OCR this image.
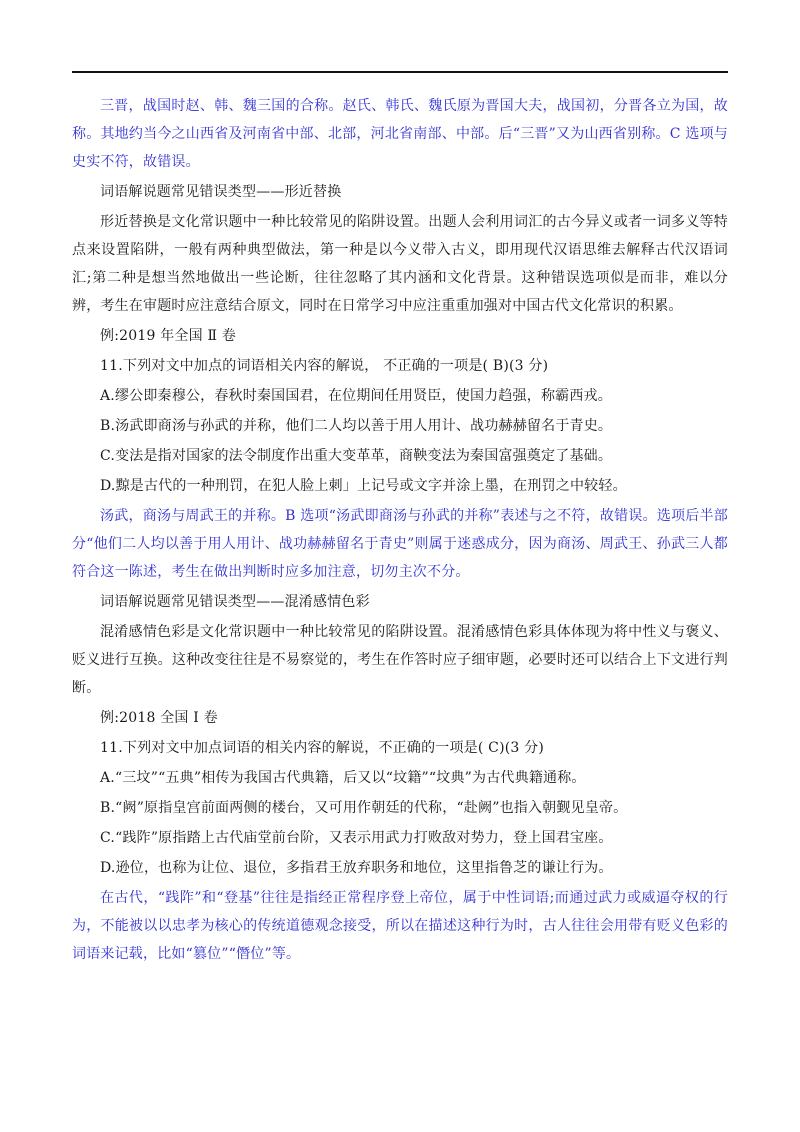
三晋，战国时赵、韩、魏三国的合称。赵氏、韩氏、魏氏原为晋国大夫，战国初，分晋各立为国，故称。其地约当今之山西省及河南省中部、北部，河北省南部、中部。后“三晋”又为山西省别称。C 选项与史实不符，故错误。

词语解说题常见错误类型——形近替换

形近替换是文化常识题中一种比较常见的陷阱设置。出题人会利用词汇的古今异义或者一词多义等特点来设置陷阱，一般有两种典型做法，第一种是以今义带入古义，即用现代汉语思维去解释古代汉语词汇;第二种是想当然地做出一些论断，往往忽略了其内涵和文化背景。这种错误选项似是而非，难以分辨，考生在审题时应注意结合原文，同时在日常学习中应注重重加强对中国古代文化常识的积累。

例:2019 年全国 Ⅱ 卷

11.下列对文中加点的词语相关内容的解说， 不正确的一项是( B)(3 分)

A.缪公即秦穆公，春秋时秦国国君，在位期间任用贤臣，使国力趋强，称霸西戎。

B.汤武即商汤与孙武的并称，他们二人均以善于用人用计、战功赫赫留名于青史。

C.变法是指对国家的法令制度作出重大变革革，商鞅变法为秦国富强奠定了基础。

D.黥是古代的一种刑罚，在犯人脸上刺」上记号或文字并涂上墨，在刑罚之中较轻。

汤武，商汤与周武王的并称。B 选项“汤武即商汤与孙武的并称”表述与之不符，故错误。选项后半部分“他们二人均以善于用人用计、战功赫赫留名于青史”则属于迷惑成分，因为商汤、周武王、孙武三人都符合这一陈述，考生在做出判断时应多加注意，切勿主次不分。

词语解说题常见错误类型——混淆感情色彩

混淆感情色彩是文化常识题中一种比较常见的陷阱设置。混淆感情色彩具体体现为将中性义与褒义、贬义进行互换。这种改变往往是不易察觉的，考生在作答时应子细审题，必要时还可以结合上下文进行判断。

例:2018 全国 Ⅰ 卷

11.下列对文中加点词语的相关内容的解说，不正确的一项是( C)(3 分)

A.“三坟”“五典”相传为我国古代典籍，后又以“坟籍”“坟典”为古代典籍通称。

B.“阙”原指皇宫前面两侧的楼台，又可用作朝廷的代称，“赴阙”也指入朝觐见皇帝。

C.“践阼”原指踏上古代庙堂前台阶，又表示用武力打败敌对势力，登上国君宝座。

D.逊位，也称为让位、退位，多指君王放弃职务和地位，这里指鲁芝的谦让行为。

在古代，“践阼”和“登基”往往是指经正常程序登上帝位，属于中性词语;而通过武力或威逼夺权的行为，不能被以以忠孝为核心的传统道德观念接受，所以在描述这种行为时，古人往往会用带有贬义色彩的词语来记载，比如“篡位”“僭位”等。
